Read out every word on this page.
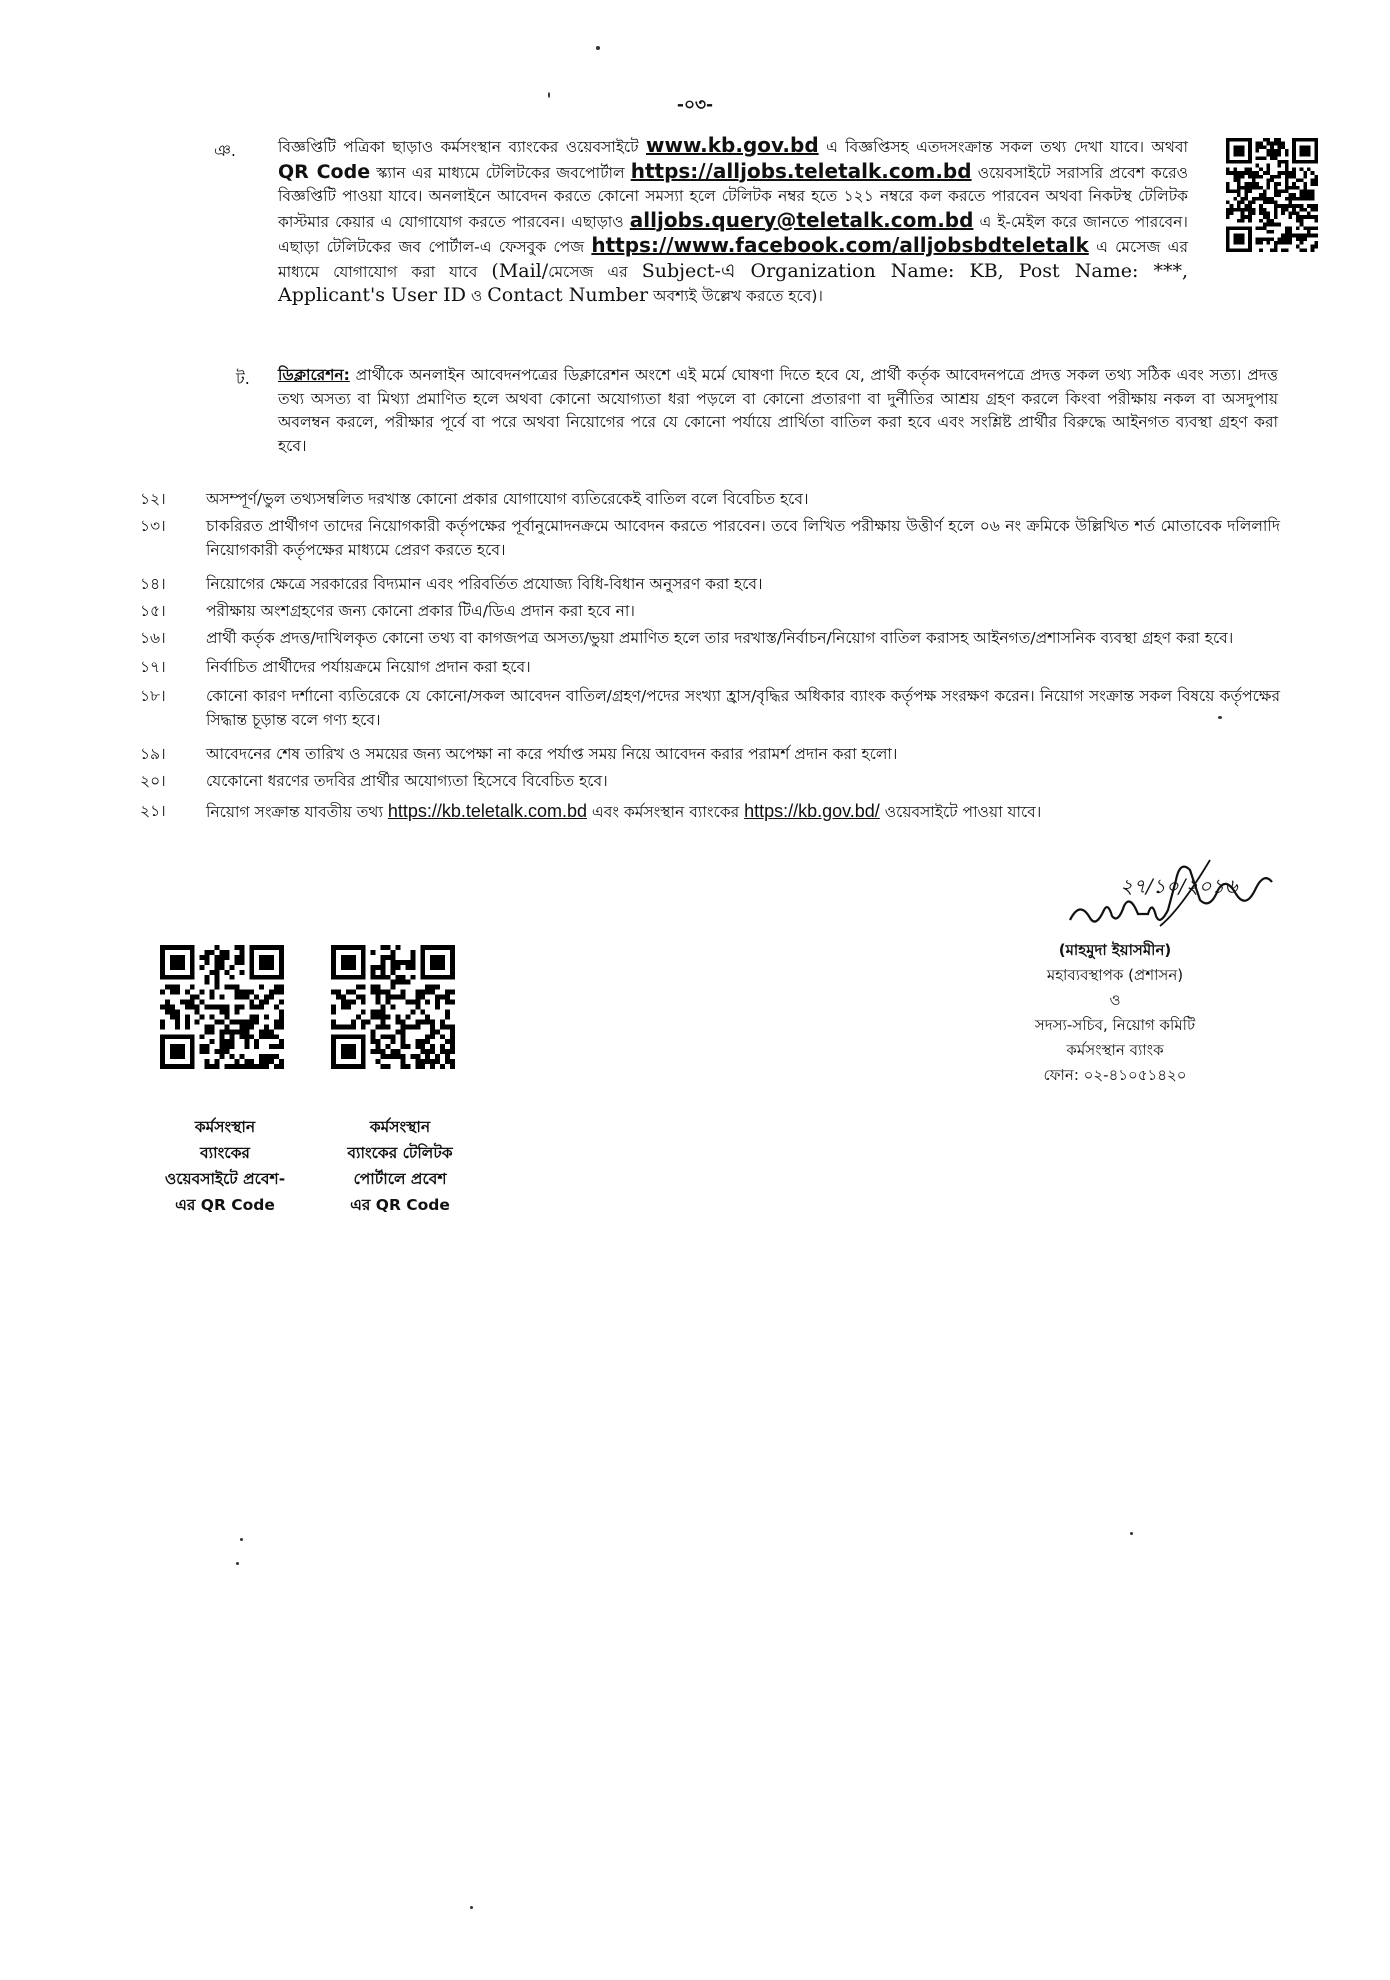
-০৩-
ঞ.	বিজ্ঞপ্তিটি পত্রিকা ছাড়াও কর্মসংস্থান ব্যাংকের ওয়েবসাইটে www.kb.gov.bd এ বিজ্ঞপ্তিসহ এতদসংক্রান্ত সকল তথ্য দেখা যাবে। অথবা QR Code স্ক্যান এর মাধ্যমে টেলিটকের জবপোর্টাল https://alljobs.teletalk.com.bd ওয়েবসাইটে সরাসরি প্রবেশ করেও বিজ্ঞপ্তিটি পাওয়া যাবে। অনলাইনে আবেদন করতে কোনো সমস্যা হলে টেলিটক নম্বর হতে ১২১ নম্বরে কল করতে পারবেন অথবা নিকটস্থ টেলিটক কাস্টমার কেয়ার এ যোগাযোগ করতে পারবেন। এছাড়াও alljobs.query@teletalk.com.bd এ ই-মেইল করে জানতে পারবেন। এছাড়া টেলিটকের জব পোর্টাল-এ ফেসবুক পেজ https://www.facebook.com/alljobsbdteletalk এ মেসেজ এর মাধ্যমে যোগাযোগ করা যাবে (Mail/মেসেজ এর Subject-এ Organization Name: KB, Post Name: ***, Applicant's User ID ও Contact Number অবশ্যই উল্লেখ করতে হবে)।
ট. ডিক্লারেশন: প্রার্থীকে অনলাইন আবেদনপত্রের ডিক্লারেশন অংশে এই মর্মে ঘোষণা দিতে হবে যে, প্রার্থী কর্তৃক আবেদনপত্রে প্রদত্ত সকল তথ্য সঠিক এবং সত্য। প্রদত্ত তথ্য অসত্য বা মিথ্যা প্রমাণিত হলে অথবা কোনো অযোগ্যতা ধরা পড়লে বা কোনো প্রতারণা বা দুর্নীতির আশ্রয় গ্রহণ করলে কিংবা পরীক্ষায় নকল বা অসদুপায় অবলম্বন করলে, পরীক্ষার পূর্বে বা পরে অথবা নিয়োগের পরে যে কোনো পর্যায়ে প্রার্থিতা বাতিল করা হবে এবং সংশ্লিষ্ট প্রার্থীর বিরুদ্ধে আইনগত ব্যবস্থা গ্রহণ করা হবে।
১২।	অসম্পূর্ণ/ভুল তথ্যসম্বলিত দরখাস্ত কোনো প্রকার যোগাযোগ ব্যতিরেকেই বাতিল বলে বিবেচিত হবে।
১৩।	চাকরিরত প্রার্থীগণ তাদের নিয়োগকারী কর্তৃপক্ষের পূর্বানুমোদনক্রমে আবেদন করতে পারবেন। তবে লিখিত পরীক্ষায় উত্তীর্ণ হলে ০৬ নং ক্রমিকে উল্লিখিত শর্ত মোতাবেক দলিলাদি নিয়োগকারী কর্তৃপক্ষের মাধ্যমে প্রেরণ করতে হবে।
১৪।	নিয়োগের ক্ষেত্রে সরকারের বিদ্যমান এবং পরিবর্তিত প্রযোজ্য বিধি-বিধান অনুসরণ করা হবে।
১৫।	পরীক্ষায় অংশগ্রহণের জন্য কোনো প্রকার টিএ/ডিএ প্রদান করা হবে না।
১৬।	প্রার্থী কর্তৃক প্রদত্ত/দাখিলকৃত কোনো তথ্য বা কাগজপত্র অসত্য/ভুয়া প্রমাণিত হলে তার দরখাস্ত/নির্বাচন/নিয়োগ বাতিল করাসহ আইনগত/প্রশাসনিক ব্যবস্থা গ্রহণ করা হবে।
১৭।	নির্বাচিত প্রার্থীদের পর্যায়ক্রমে নিয়োগ প্রদান করা হবে।
১৮।	কোনো কারণ দর্শানো ব্যতিরেকে যে কোনো/সকল আবেদন বাতিল/গ্রহণ/পদের সংখ্যা হ্রাস/বৃদ্ধির অধিকার ব্যাংক কর্তৃপক্ষ সংরক্ষণ করেন। নিয়োগ সংক্রান্ত সকল বিষয়ে কর্তৃপক্ষের সিদ্ধান্ত চূড়ান্ত বলে গণ্য হবে।
১৯।	আবেদনের শেষ তারিখ ও সময়ের জন্য অপেক্ষা না করে পর্যাপ্ত সময় নিয়ে আবেদন করার পরামর্শ প্রদান করা হলো।
২০।	যেকোনো ধরণের তদবির প্রার্থীর অযোগ্যতা হিসেবে বিবেচিত হবে।
২১।	নিয়োগ সংক্রান্ত যাবতীয় তথ্য https://kb.teletalk.com.bd এবং কর্মসংস্থান ব্যাংকের https://kb.gov.bd/ ওয়েবসাইটে পাওয়া যাবে।
২৭/১০/২০১৬
(মাহমুদা ইয়াসমীন)
মহাব্যবস্থাপক (প্রশাসন)
ও
সদস্য-সচিব, নিয়োগ কমিটি
কর্মসংস্থান ব্যাংক
ফোন: ০২-৪১০৫১৪২০
কর্মসংস্থান
ব্যাংকের
ওয়েবসাইটে প্রবেশ-
এর QR Code
কর্মসংস্থান
ব্যাংকের টেলিটক
পোর্টালে প্রবেশ
এর QR Code
